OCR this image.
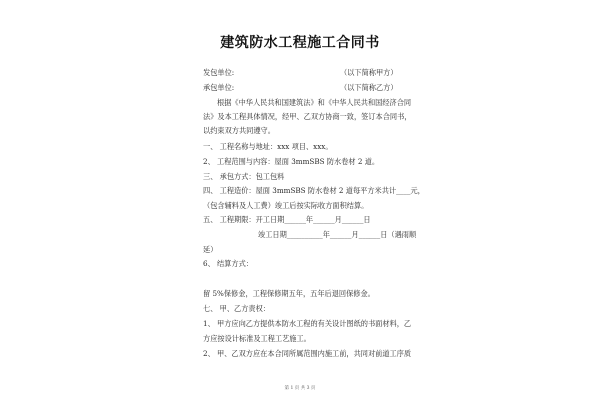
建筑防水工程施工合同书
发包单位:	（以下简称甲方）
承包单位:	（以下简称乙方）
根据《中华人民共和国建筑法》和《中华人民共和国经济合同
法》及本工程具体情况，经甲、乙双方协商一致，签订本合同书，
以约束双方共同遵守。
一、 工程名称与地址：xxx 项目、xxx。
2、 工程范围与内容：屋面 3mmSBS 防水卷材 2 道。
三、 承包方式：包工包料
四、 工程造价：屋面 3mmSBS 防水卷材 2 道每平方米共计____元，
（包含辅料及人工费）竣工后按实际收方面积结算。
五、 工程期限：开工日期______年______月______日
竣工日期__________年______月______日（遇雨顺
延）
6、 结算方式：
留 5%保修金，工程保修期五年，五年后退回保修金。
七、 甲、乙方责权：
1、 甲方应向乙方提供本防水工程的有关设计图纸的书面材料，乙
方应按设计标准及工程工艺施工。
2、 甲、乙双方应在本合同所属范围内施工前，共同对前道工序质
第 1 页 共 3 页
